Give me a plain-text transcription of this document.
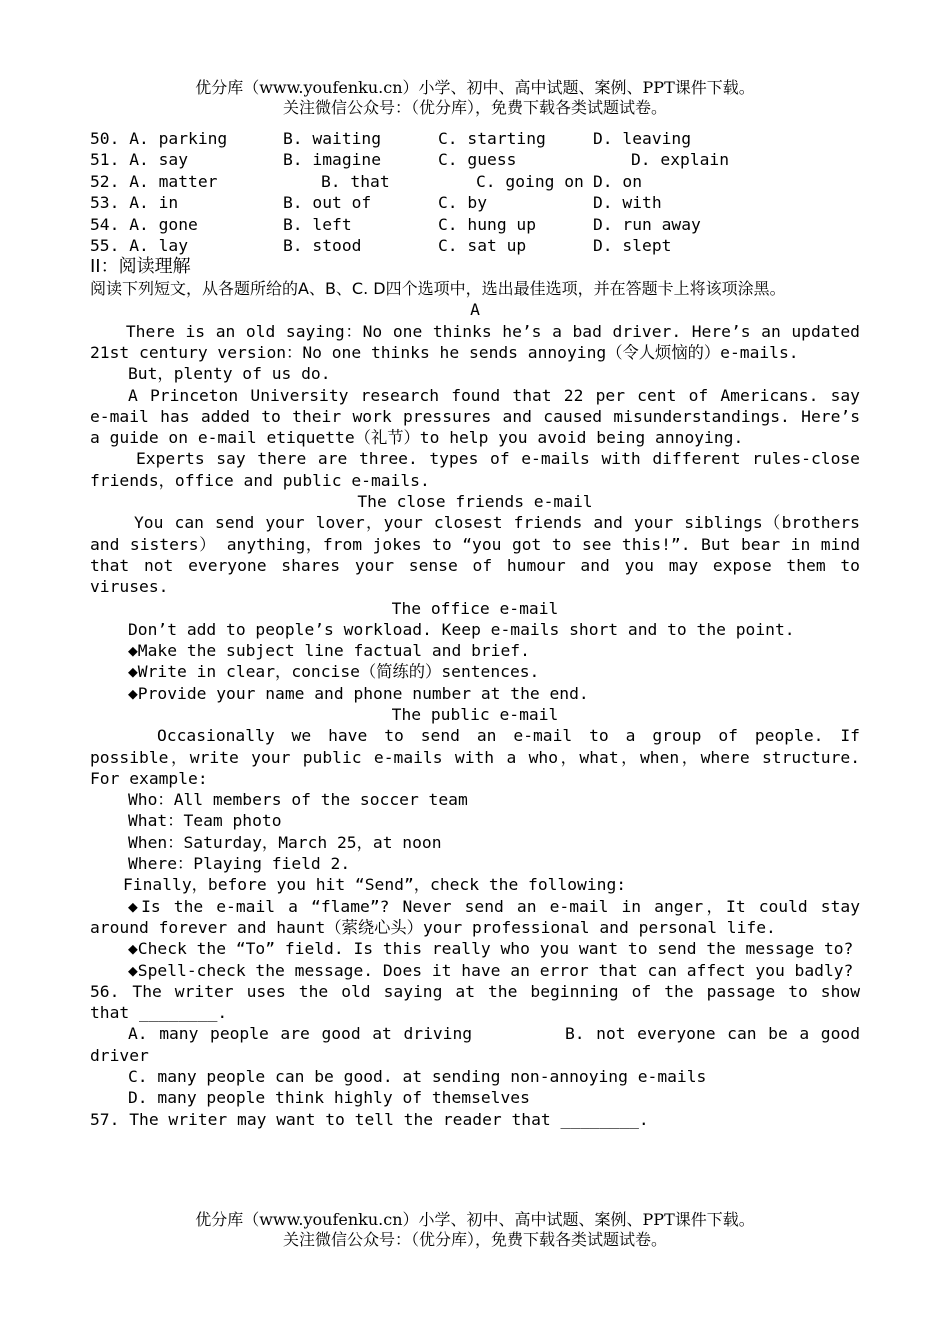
优分库（www.youfenku.cn）小学、初中、高中试题、案例、PPT课件下载。
关注微信公众号：（优分库），免费下载各类试题试卷。
50. A. parking	B. waiting	C. starting	D. leaving
51. A. say	B. imagine	C. guess	D. explain
52. A. matter	B. that	C. going on D. on
53. A. in	B. out of	C. by	D. with
54. A. gone	B. left	C. hung up	D. run away
55. A. lay	B. stood	C. sat up	D. slept
II：阅读理解

阅读下列短文，从各题所给的A、B、C. D四个选项中，选出最佳选项，并在答题卡上将该项涂黑。

A

There is an old saying：No one thinks he’s a bad driver. Here’s an updated 21st century version：No one thinks he sends annoying（令人烦恼的）e-mails.

But，plenty of us do.

A Princeton University research found that 22 per cent of Americans. say e-mail has added to their work pressures and caused misunderstandings. Here’s a guide on e-mail etiquette（礼节）to help you avoid being annoying.

Experts say there are three. types of e-mails with different rules-close friends，office and public e-mails.

The close friends e-mail

You can send your lover，your closest friends and your siblings（brothers and sisters） anything，from jokes to “you got to see this!”. But bear in mind that not everyone shares your sense of humour and you may expose them to viruses.

The office e-mail

Don’t add to people’s workload. Keep e-mails short and to the point.

◆Make the subject line factual and brief.

◆Write in clear，concise（简练的）sentences.

◆Provide your name and phone number at the end.

The public e-mail

Occasionally we have to send an e-mail to a group of people. If possible，write your public e-mails with a who，what，when，where structure. For example:

Who：All members of the soccer team

What：Team photo

When：Saturday，March 25，at noon

Where：Playing field 2.

Finally，before you hit “Send”，check the following:

◆Is the e-mail a “flame”? Never send an e-mail in anger，It could stay around forever and haunt（萦绕心头）your professional and personal life.

◆Check the “To” field. Is this really who you want to send the message to?

◆Spell-check the message. Does it have an error that can affect you badly?

56. The writer uses the old saying at the beginning of the passage to show that ________.

A. many people are good at driving	B. not everyone can be a good driver

C. many people can be good. at sending non-annoying e-mails

D. many people think highly of themselves

57. The writer may want to tell the reader that ________.

优分库（www.youfenku.cn）小学、初中、高中试题、案例、PPT课件下载。
关注微信公众号：（优分库），免费下载各类试题试卷。
